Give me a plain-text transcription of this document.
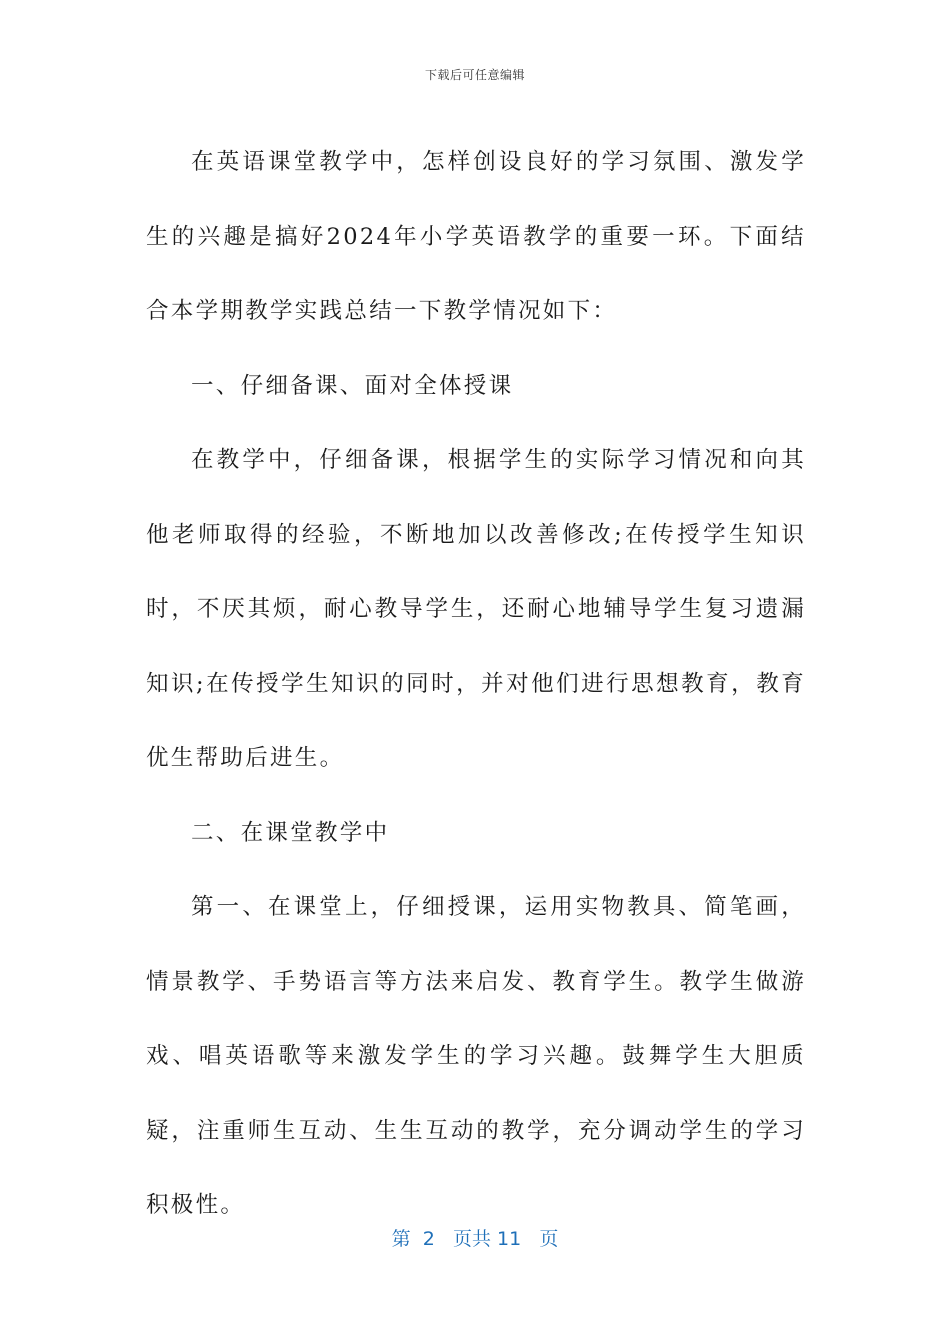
下载后可任意编辑

在英语课堂教学中，怎样创设良好的学习氛围、激发学生的兴趣是搞好2024年小学英语教学的重要一环。下面结合本学期教学实践总结一下教学情况如下：

一、仔细备课、面对全体授课

在教学中，仔细备课，根据学生的实际学习情况和向其他老师取得的经验，不断地加以改善修改;在传授学生知识时，不厌其烦，耐心教导学生，还耐心地辅导学生复习遗漏知识;在传授学生知识的同时，并对他们进行思想教育，教育优生帮助后进生。

二、在课堂教学中

第一、在课堂上，仔细授课，运用实物教具、简笔画，情景教学、手势语言等方法来启发、教育学生。教学生做游戏、唱英语歌等来激发学生的学习兴趣。鼓舞学生大胆质疑，注重师生互动、生生互动的教学，充分调动学生的学习积极性。

第 2 页共 11 页
